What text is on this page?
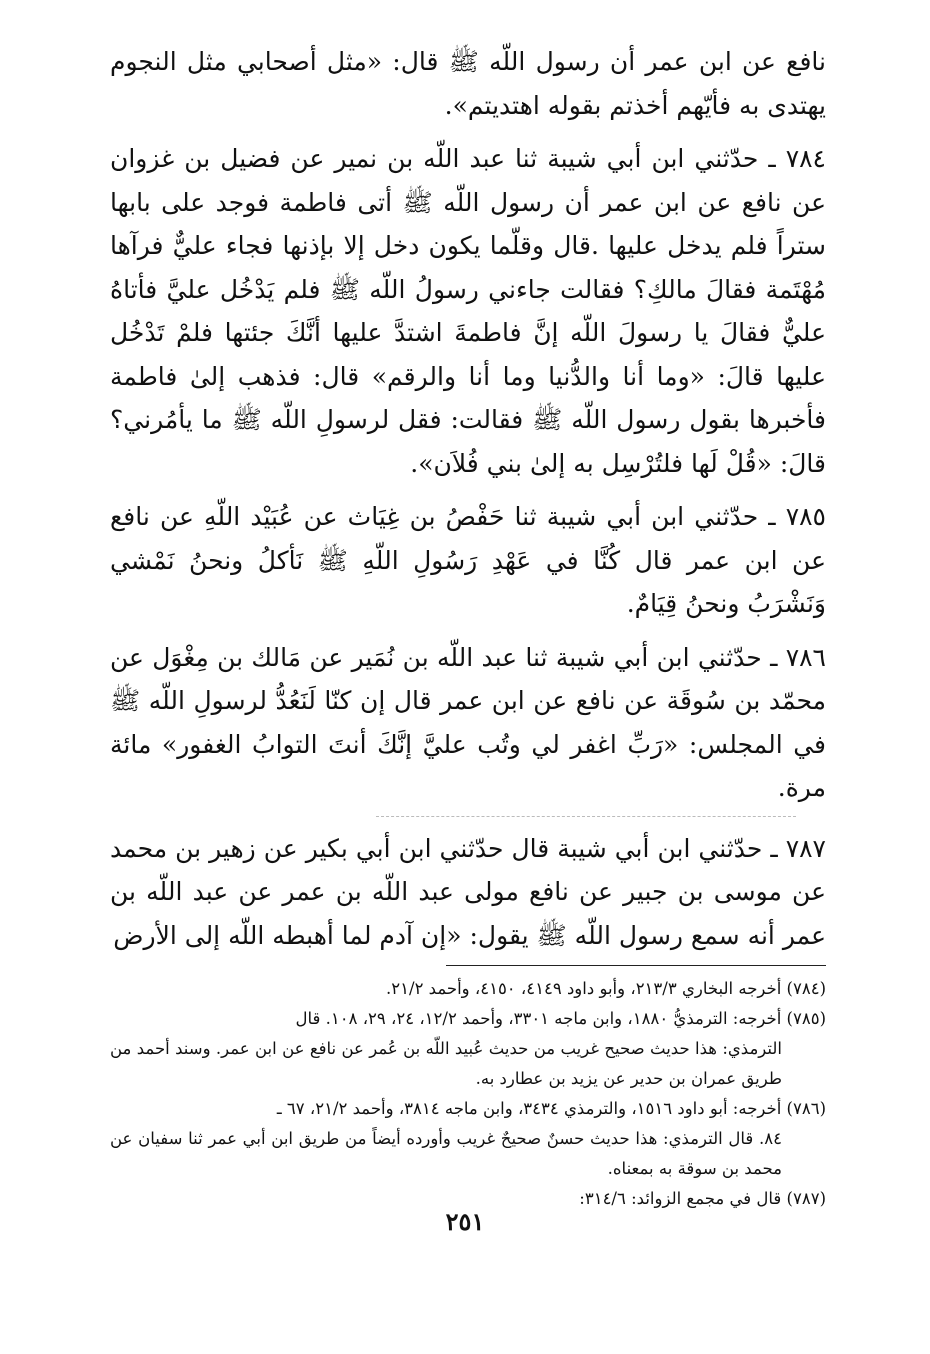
نافع عن ابن عمر أن رسول اللّه ﷺ قال: «مثل أصحابي مثل النجوم يهتدى به فأيّهم أخذتم بقوله اهتديتم».

٧٨٤ ـ حدّثني ابن أبي شيبة ثنا عبد اللّه بن نمير عن فضيل بن غزوان عن نافع عن ابن عمر أن رسول اللّه ﷺ أتى فاطمة فوجد على بابها ستراً فلم يدخل عليها .قال وقلّما يكون دخل إلا بإذنها فجاء عليٌّ فرآها مُهْتَمة فقالَ مالكِ؟ فقالت جاءني رسولُ اللّه ﷺ فلم يَدْخُل عليَّ فأتاهُ عليٌّ فقالَ يا رسولَ اللّه إنَّ فاطمةَ اشتدَّ عليها أنَّكَ جئتها فلمْ تَدْخُل عليها قالَ: «وما أنا والدُّنيا وما أنا والرقم» قال: فذهب إلىٰ فاطمة فأخبرها بقول رسول اللّه ﷺ فقالت: فقل لرسولِ اللّه ﷺ ما يأمُرني؟ قالَ: «قُلْ لَها فلتُرْسِل به إلىٰ بني فُلاَن».

٧٨٥ ـ حدّثني ابن أبي شيبة ثنا حَفْصُ بن غِيَاث عن عُبَيْد اللّهِ عن نافع عن ابن عمر قال كُنَّا في عَهْدِ رَسُولِ اللّهِ ﷺ نَأكلُ ونحنُ نَمْشي وَنَشْرَبُ ونحنُ قِيَامٌ.

٧٨٦ ـ حدّثني ابن أبي شيبة ثنا عبد اللّه بن نُمَير عن مَالك بن مِغْوَل عن محمّد بن سُوقَة عن نافع عن ابن عمر قال إن كنّا لَنَعُدُّ لرسولِ اللّه ﷺ في المجلس: «رَبِّ اغفر لي وتُب عليَّ إنَّكَ أنتَ التوابُ الغفور» مائة مرة.

٧٨٧ ـ حدّثني ابن أبي شيبة قال حدّثني ابن أبي بكير عن زهير بن محمد عن موسى بن جبير عن نافع مولى عبد اللّه بن عمر عن عبد اللّه بن عمر أنه سمع رسول اللّه ﷺ يقول: «إن آدم لما أهبطه اللّه إلى الأرض

(٧٨٤) أخرجه البخاري ٢١٣/٣، وأبو داود ٤١٤٩، ٤١٥٠، وأحمد ٢١/٢.

(٧٨٥) أخرجه: الترمذيُّ ١٨٨٠، وابن ماجه ٣٣٠١، وأحمد ١٢/٢، ٢٤، ٢٩، ١٠٨. قال

الترمذي: هذا حديث صحيح غريب من حديث عُبيد اللّه بن عُمر عن نافع عن ابن عمر. وسند أحمد من طريق عمران بن حدير عن يزيد بن عطارد به.

(٧٨٦) أخرجه: أبو داود ١٥١٦، والترمذي ٣٤٣٤، وابن ماجه ٣٨١٤، وأحمد ٢١/٢، ٦٧ ـ

٨٤. قال الترمذي: هذا حديث حسنٌ صحيحٌ غريب وأورده أيضاً من طريق ابن أبي عمر ثنا سفيان عن محمد بن سوقة به بمعناه.

(٧٨٧) قال في مجمع الزوائد: ٣١٤/٦:

٢٥١
